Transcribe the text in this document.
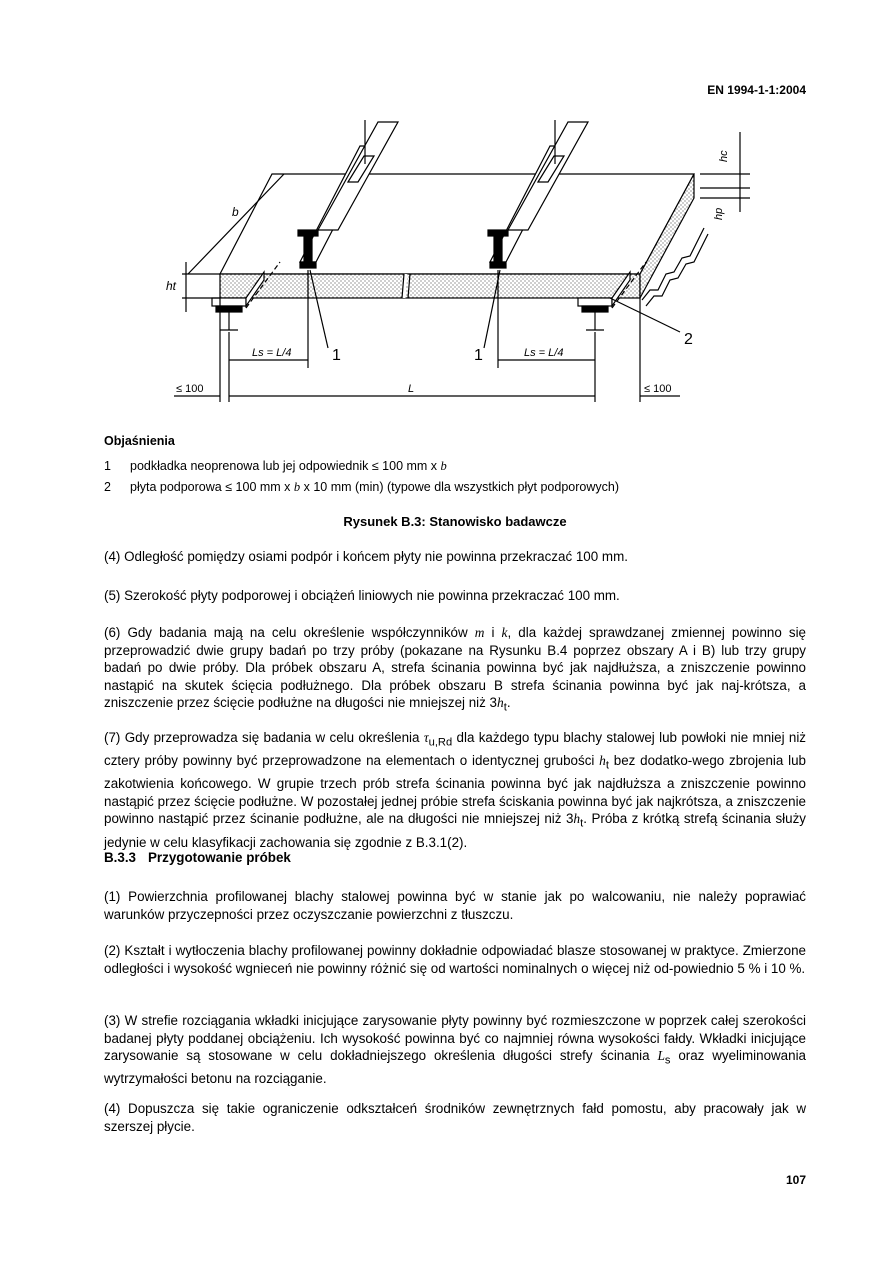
EN 1994-1-1:2004
b
ht
hc
hp
Ls = L/4	Ls = L/4
1	1
2
≤ 100	≤ 100
L
Objaśnienia
1 podkładka neoprenowa lub jej odpowiednik ≤ 100 mm x b
2 płyta podporowa ≤ 100 mm x b x 10 mm (min) (typowe dla wszystkich płyt podporowych)
Rysunek B.3: Stanowisko badawcze
(4) Odległość pomiędzy osiami podpór i końcem płyty nie powinna przekraczać 100 mm.
(5) Szerokość płyty podporowej i obciążeń liniowych nie powinna przekraczać 100 mm.
(6) Gdy badania mają na celu określenie współczynników m i k, dla każdej sprawdzanej zmiennej powinno się przeprowadzić dwie grupy badań po trzy próby (pokazane na Rysunku B.4 poprzez obszary A i B) lub trzy grupy badań po dwie próby. Dla próbek obszaru A, strefa ścinania powinna być jak najdłuższa, a zniszczenie powinno nastąpić na skutek ścięcia podłużnego. Dla próbek obszaru B strefa ścinania powinna być jak naj-krótsza, a zniszczenie przez ścięcie podłużne na długości nie mniejszej niż $3h_t$.
(7) Gdy przeprowadza się badania w celu określenia $\tau_{u,Rd}$ dla każdego typu blachy stalowej lub powłoki nie mniej niż cztery próby powinny być przeprowadzone na elementach o identycznej grubości $h_t$ bez dodatko-wego zbrojenia lub zakotwienia końcowego. W grupie trzech prób strefa ścinania powinna być jak najdłuższa a zniszczenie powinno nastąpić przez ścięcie podłużne. W pozostałej jednej próbie strefa ściskania powinna być jak najkrótsza, a zniszczenie powinno nastąpić przez ścinanie podłużne, ale na długości nie mniejszej niż $3h_t$. Próba z krótką strefą ścinania służy jedynie w celu klasyfikacji zachowania się zgodnie z B.3.1(2).
B.3.3 Przygotowanie próbek
(1) Powierzchnia profilowanej blachy stalowej powinna być w stanie jak po walcowaniu, nie należy poprawiać warunków przyczepności przez oczyszczanie powierzchni z tłuszczu.
(2) Kształt i wytłoczenia blachy profilowanej powinny dokładnie odpowiadać blasze stosowanej w praktyce. Zmierzone odległości i wysokość wgnieceń nie powinny różnić się od wartości nominalnych o więcej niż od-powiednio 5 % i 10 %.
(3) W strefie rozciągania wkładki inicjujące zarysowanie płyty powinny być rozmieszczone w poprzek całej szerokości badanej płyty poddanej obciążeniu. Ich wysokość powinna być co najmniej równa wysokości fałdy. Wkładki inicjujące zarysowanie są stosowane w celu dokładniejszego określenia długości strefy ścinania $L_s$ oraz wyeliminowania wytrzymałości betonu na rozciąganie.
(4) Dopuszcza się takie ograniczenie odkształceń środników zewnętrznych fałd pomostu, aby pracowały jak w szerszej płycie.
107
